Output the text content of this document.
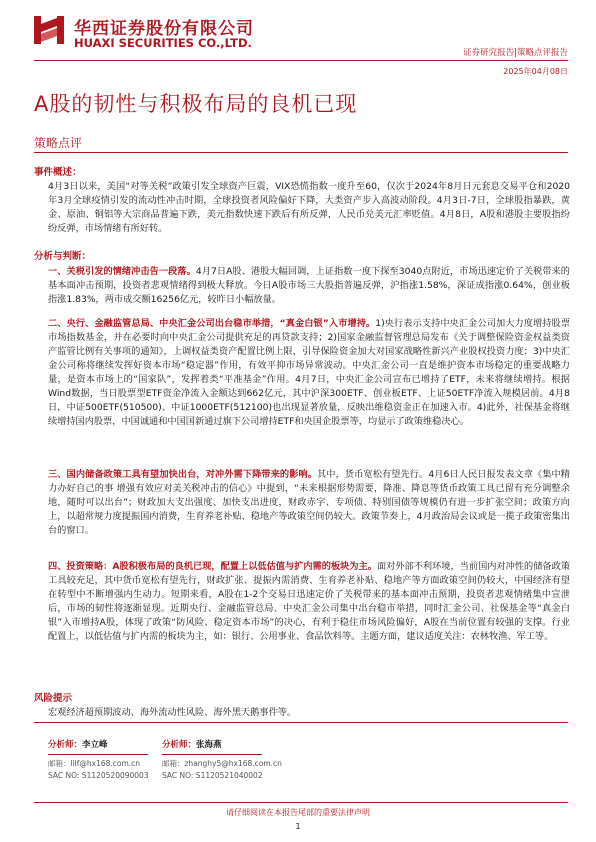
华西证券股份有限公司
HUAXI SECURITIES CO.,LTD.
证券研究报告|策略点评报告
2025年04月08日
A股的韧性与积极布局的良机已现
策略点评
事件概述：
4月3日以来，美国“对等关税”政策引发全球资产巨震，VIX恐慌指数一度升至60，仅次于2024年8月日元套息交易平仓和2020年3月全球疫情引发的流动性冲击时期，全球投资者风险偏好下降，大类资产步入高波动阶段。4月3日-7日，全球股指暴跌，黄金、原油、铜铝等大宗商品普遍下跌，美元指数快速下跌后有所反弹，人民币兑美元汇率贬值。4月8日，A股和港股主要股指纷纷反弹，市场情绪有所好转。
分析与判断：
一、关税引发的情绪冲击告一段落。4月7日A股、港股大幅回调，上证指数一度下探至3040点附近，市场迅速定价了关税带来的基本面冲击预期，投资者悲观情绪得到极大释放。今日A股市场三大股指普遍反弹，沪指涨1.58%，深证成指涨0.64%，创业板指涨1.83%，两市成交额16256亿元，较昨日小幅放量。
二、央行、金融监管总局、中央汇金公司出台稳市举措，“真金白银”入市增持。1)央行表示支持中央汇金公司加大力度增持股票市场指数基金，并在必要时向中央汇金公司提供充足的再贷款支持；2)国家金融监督管理总局发布《关于调整保险资金权益类资产监管比例有关事项的通知》，上调权益类资产配置比例上限，引导保险资金加大对国家战略性新兴产业股权投资力度；3)中央汇金公司称将继续发挥好资本市场“稳定器”作用，有效平抑市场异常波动。中央汇金公司一直是维护资本市场稳定的重要战略力量，是资本市场上的“国家队”，发挥着类“平准基金”作用。4月7日，中央汇金公司宣布已增持了ETF，未来将继续增持。根据Wind数据，当日股票型ETF资金净流入金额达到662亿元，其中沪深300ETF、创业板ETF、上证50ETF净流入规模居前。4月8日，中证500ETF(510500)、中证1000ETF(512100)也出现显著放量，反映出维稳资金正在加速入市。4)此外，社保基金将继续增持国内股票，中国诚通和中国国新通过旗下公司增持ETF和央国企股票等，均显示了政策维稳决心。
三、国内储备政策工具有望加快出台，对冲外需下降带来的影响。其中，货币宽松有望先行。4月6日人民日报发表文章《集中精力办好自己的事 增强有效应对美关税冲击的信心》中提到，“未来根据形势需要，降准、降息等货币政策工具已留有充分调整余地，随时可以出台”；财政加大支出强度、加快支出进度，财政赤字、专项债、特别国债等规模仍有进一步扩张空间；政策方向上，以超常规力度提振国内消费，生育养老补贴、稳地产等政策空间仍较大。政策节奏上，4月政治局会议或是一揽子政策密集出台的窗口。
四、投资策略：A股积极布局的良机已现，配置上以低估值与扩内需的板块为主。面对外部不利环境，当前国内对冲性的储备政策工具较充足，其中货币宽松有望先行，财政扩张、提振内需消费、生育养老补贴、稳地产等方面政策空间仍较大，中国经济有望在转型中不断增强内生动力。短期来看，A股在1-2个交易日迅速定价了关税带来的基本面冲击预期，投资者悲观情绪集中宣泄后，市场的韧性将逐渐显现。近期央行、金融监管总局、中央汇金公司集中出台稳市举措，同时汇金公司、社保基金等“真金白银”入市增持A股，体现了政策“防风险、稳定资本市场”的决心，有利于稳住市场风险偏好，A股在当前位置有较强的支撑。行业配置上，以低估值与扩内需的板块为主，如：银行、公用事业、食品饮料等。主题方面，建议适度关注：农林牧渔、军工等。
风险提示
宏观经济超预期波动、海外流动性风险、海外黑天鹅事件等。
分析师：李立峰
邮箱：lilf@hx168.com.cn
SAC NO: S1120520090003
分析师：张海燕
邮箱：zhanghy5@hx168.com.cn
SAC NO: S1120521040002
请仔细阅读在本报告尾部的重要法律声明
1
